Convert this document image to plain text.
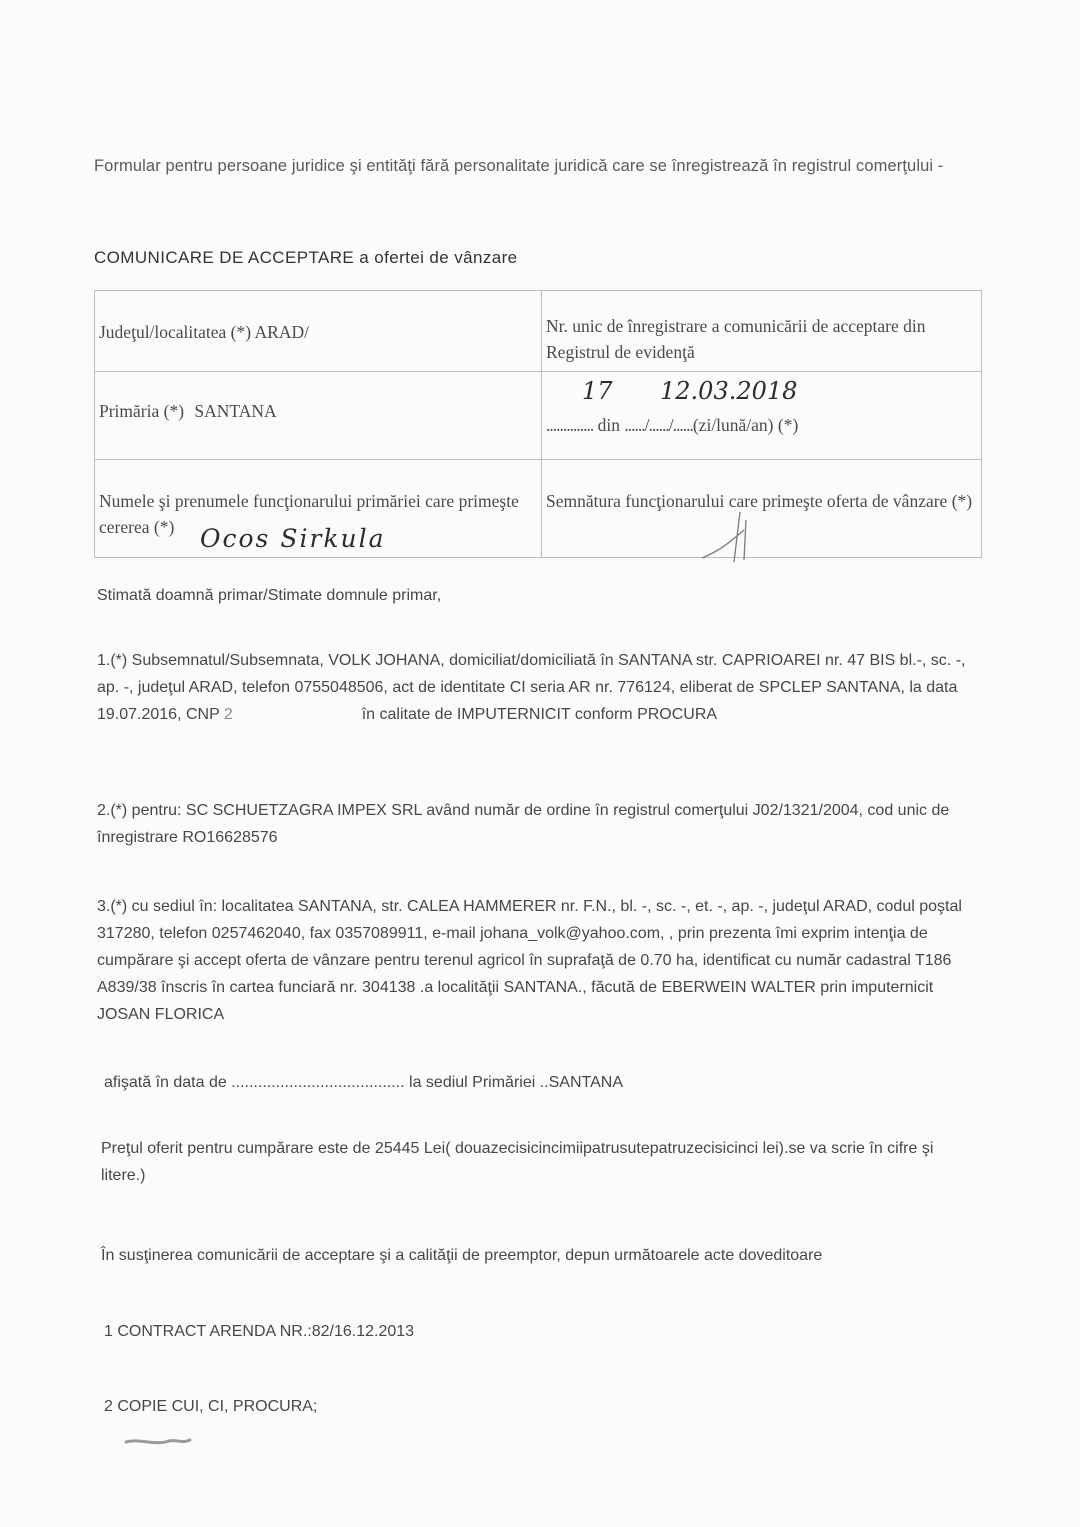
Formular pentru persoane juridice şi entităţi fără personalitate juridică care se înregistrează în registrul comerţului -
COMUNICARE DE ACCEPTARE a ofertei de vânzare
Judeţul/localitatea (*) ARAD/	Nr. unic de înregistrare a comunicării de acceptare din Registrul de evidenţă
Primăria (*) SANTANA	17 12.03.2018
.............. din ....../....../......(zi/lună/an) (*)
Numele şi prenumele funcţionarului primăriei care primeşte cererea (*) Ocos Sirkula	Semnătura funcţionarului care primeşte oferta de vânzare (*)
Stimată doamnă primar/Stimate domnule primar,
1.(*) Subsemnatul/Subsemnata, VOLK JOHANA, domiciliat/domiciliată în SANTANA str. CAPRIOAREI nr. 47 BIS bl.-, sc. -, ap. -, judeţul ARAD, telefon 0755048506, act de identitate CI seria AR nr. 776124, eliberat de SPCLEP SANTANA, la data 19.07.2016, CNP 2	în calitate de IMPUTERNICIT conform PROCURA
2.(*) pentru: SC SCHUETZAGRA IMPEX SRL având număr de ordine în registrul comerţului J02/1321/2004, cod unic de înregistrare RO16628576
3.(*) cu sediul în: localitatea SANTANA, str. CALEA HAMMERER nr. F.N., bl. -, sc. -, et. -, ap. -, judeţul ARAD, codul poştal 317280, telefon 0257462040, fax 0357089911, e-mail johana_volk@yahoo.com, , prin prezenta îmi exprim intenţia de cumpărare şi accept oferta de vânzare pentru terenul agricol în suprafaţă de 0.70 ha, identificat cu număr cadastral T186 A839/38 înscris în cartea funciară nr. 304138 .a localităţii SANTANA., făcută de EBERWEIN WALTER prin imputernicit JOSAN FLORICA
afişată în data de ....................................... la sediul Primăriei ..SANTANA
Preţul oferit pentru cumpărare este de 25445 Lei( douazecisicincimiipatrusutepatruzecisicinci lei).se va scrie în cifre şi litere.)
În susţinerea comunicării de acceptare şi a calităţii de preemptor, depun următoarele acte doveditoare
1 CONTRACT ARENDA NR.:82/16.12.2013
2 COPIE CUI, CI, PROCURA;
